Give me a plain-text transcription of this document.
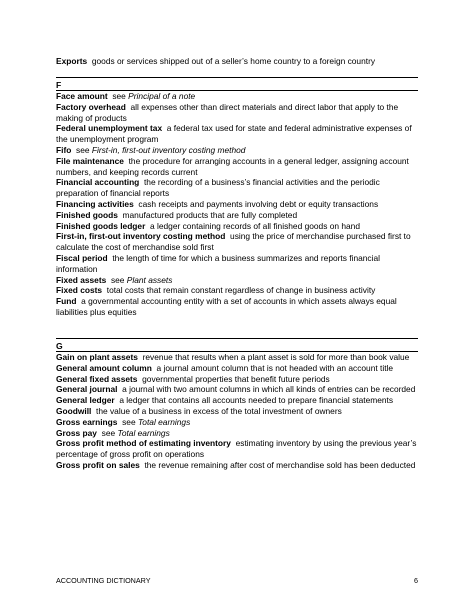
Exports goods or services shipped out of a seller’s home country to a foreign country
F

Face amount see Principal of a note

Factory overhead all expenses other than direct materials and direct labor that apply to the making of products

Federal unemployment tax a federal tax used for state and federal administrative expenses of the unemployment program

Fifo see First-in, first-out inventory costing method

File maintenance the procedure for arranging accounts in a general ledger, assigning account numbers, and keeping records current

Financial accounting the recording of a business’s financial activities and the periodic preparation of financial reports

Financing activities cash receipts and payments involving debt or equity transactions

Finished goods manufactured products that are fully completed

Finished goods ledger a ledger containing records of all finished goods on hand

First-in, first-out inventory costing method using the price of merchandise purchased first to calculate the cost of merchandise sold first

Fiscal period the length of time for which a business summarizes and reports financial information

Fixed assets see Plant assets

Fixed costs total costs that remain constant regardless of change in business activity

Fund a governmental accounting entity with a set of accounts in which assets always equal liabilities plus equities

G

Gain on plant assets revenue that results when a plant asset is sold for more than book value

General amount column a journal amount column that is not headed with an account title

General fixed assets governmental properties that benefit future periods

General journal a journal with two amount columns in which all kinds of entries can be recorded

General ledger a ledger that contains all accounts needed to prepare financial statements

Goodwill the value of a business in excess of the total investment of owners

Gross earnings see Total earnings

Gross pay see Total earnings

Gross profit method of estimating inventory estimating inventory by using the previous year’s percentage of gross profit on operations

Gross profit on sales the revenue remaining after cost of merchandise sold has been deducted

ACCOUNTING DICTIONARY	6
